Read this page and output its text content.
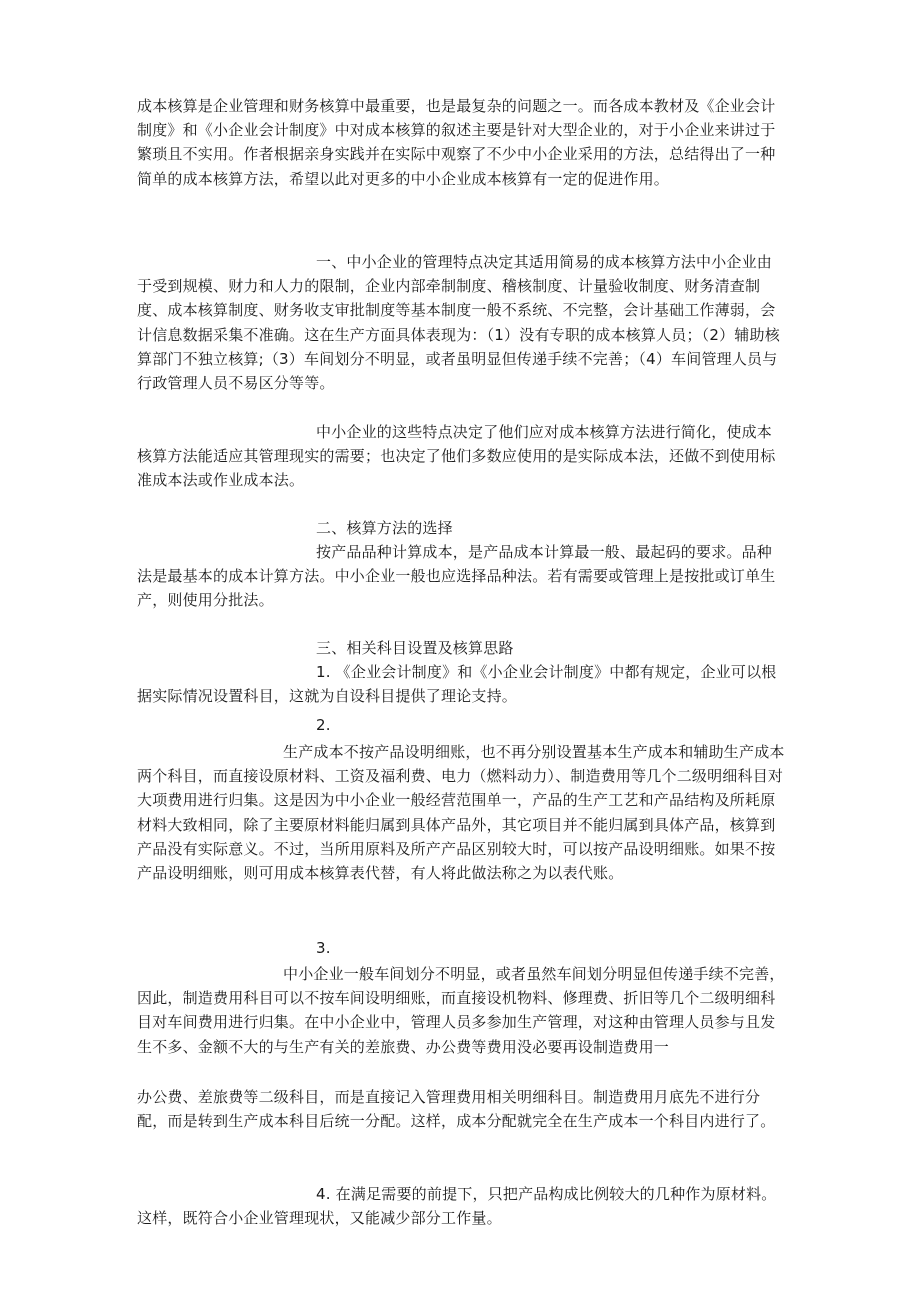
成本核算是企业管理和财务核算中最重要，也是最复杂的问题之一。而各成本教材及《企业会计制度》和《小企业会计制度》中对成本核算的叙述主要是针对大型企业的，对于小企业来讲过于繁琐且不实用。作者根据亲身实践并在实际中观察了不少中小企业采用的方法，总结得出了一种简单的成本核算方法，希望以此对更多的中小企业成本核算有一定的促进作用。

一、中小企业的管理特点决定其适用简易的成本核算方法中小企业由于受到规模、财力和人力的限制，企业内部牵制制度、稽核制度、计量验收制度、财务清查制度、成本核算制度、财务收支审批制度等基本制度一般不系统、不完整，会计基础工作薄弱，会计信息数据采集不准确。这在生产方面具体表现为：（1）没有专职的成本核算人员；（2）辅助核算部门不独立核算;（3）车间划分不明显，或者虽明显但传递手续不完善；（4）车间管理人员与行政管理人员不易区分等等。

中小企业的这些特点决定了他们应对成本核算方法进行简化，使成本核算方法能适应其管理现实的需要；也决定了他们多数应使用的是实际成本法，还做不到使用标准成本法或作业成本法。

二、核算方法的选择

按产品品种计算成本，是产品成本计算最一般、最起码的要求。品种法是最基本的成本计算方法。中小企业一般也应选择品种法。若有需要或管理上是按批或订单生产，则使用分批法。

三、相关科目设置及核算思路

1. 《企业会计制度》和《小企业会计制度》中都有规定，企业可以根据实际情况设置科目，这就为自设科目提供了理论支持。

2.

生产成本不按产品设明细账，也不再分别设置基本生产成本和辅助生产成本两个科目，而直接设原材料、工资及福利费、电力（燃料动力）、制造费用等几个二级明细科目对大项费用进行归集。这是因为中小企业一般经营范围单一，产品的生产工艺和产品结构及所耗原材料大致相同，除了主要原材料能归属到具体产品外，其它项目并不能归属到具体产品，核算到产品没有实际意义。不过，当所用原料及所产产品区别较大时，可以按产品设明细账。如果不按产品设明细账，则可用成本核算表代替，有人将此做法称之为以表代账。

3.

中小企业一般车间划分不明显，或者虽然车间划分明显但传递手续不完善，因此，制造费用科目可以不按车间设明细账，而直接设机物料、修理费、折旧等几个二级明细科目对车间费用进行归集。在中小企业中，管理人员多参加生产管理，对这种由管理人员参与且发生不多、金额不大的与生产有关的差旅费、办公费等费用没必要再设制造费用一

办公费、差旅费等二级科目，而是直接记入管理费用相关明细科目。制造费用月底先不进行分配，而是转到生产成本科目后统一分配。这样，成本分配就完全在生产成本一个科目内进行了。

4. 在满足需要的前提下，只把产品构成比例较大的几种作为原材料。这样，既符合小企业管理现状，又能减少部分工作量。
